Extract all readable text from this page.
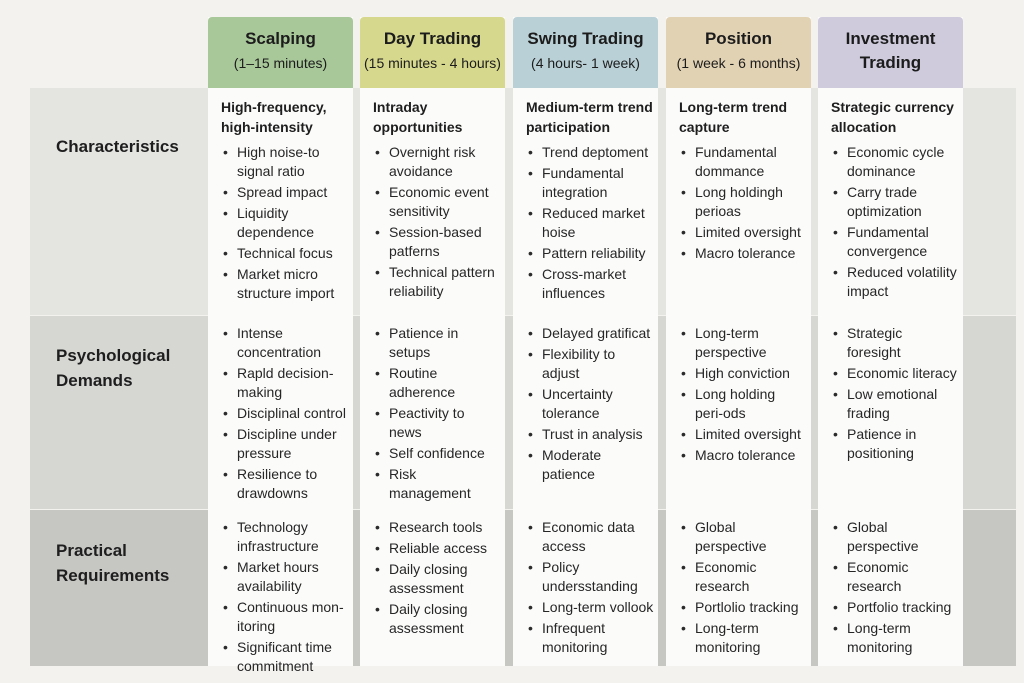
Characteristics
Psychological Demands
Practical Requirements
Scalping
(1–15 minutes)
High-frequency, high-intensity
• High noise-to signal ratio
• Spread impact
• Liquidity dependence
• Technical focus
• Market micro structure import
• Intense concentration
• Rapld decision-making
• Disciplinal control
• Discipline under pressure
• Resilience to drawdowns
• Technology infrastructure
• Market hours availability
• Continuous mon-itoring
• Significant time commitment
Day Trading
(15 minutes - 4 hours)
Intraday opportunities
• Overnight risk avoidance
• Economic event sensitivity
• Session-based patferns
• Technical pattern reliability
• Patience in setups
• Routine adherence
• Peactivity to news
• Self confidence
• Risk management
• Research tools
• Reliable access
• Daily closing assessment
• Daily closing assessment
Swing Trading
(4 hours- 1 week)
Medium-term trend participation
• Trend deptoment
• Fundamental integration
• Reduced market hoise
• Pattern reliability
• Cross-market influences
• Delayed gratificat
• Flexibility to adjust
• Uncertainty tolerance
• Trust in analysis
• Moderate patience
• Economic data access
• Policy undersstanding
• Long-term vollook
• Infrequent monitoring
Position
(1 week - 6 months)
Long-term trend capture
• Fundamental dommance
• Long holdingh perioas
• Limited oversight
• Macro tolerance
• Long-term perspective
• High conviction
• Long holding peri-ods
• Limited oversight
• Macro tolerance
• Global perspective
• Economic research
• Portlolio tracking
• Long-term monitoring
Investment Trading
Strategic currency allocation
• Economic cycle dominance
• Carry trade optimization
• Fundamental convergence
• Reduced volatility impact
• Strategic foresight
• Economic literacy
• Low emotional frading
• Patience in positioning
• Global perspective
• Economic research
• Portfolio tracking
• Long-term monitoring
